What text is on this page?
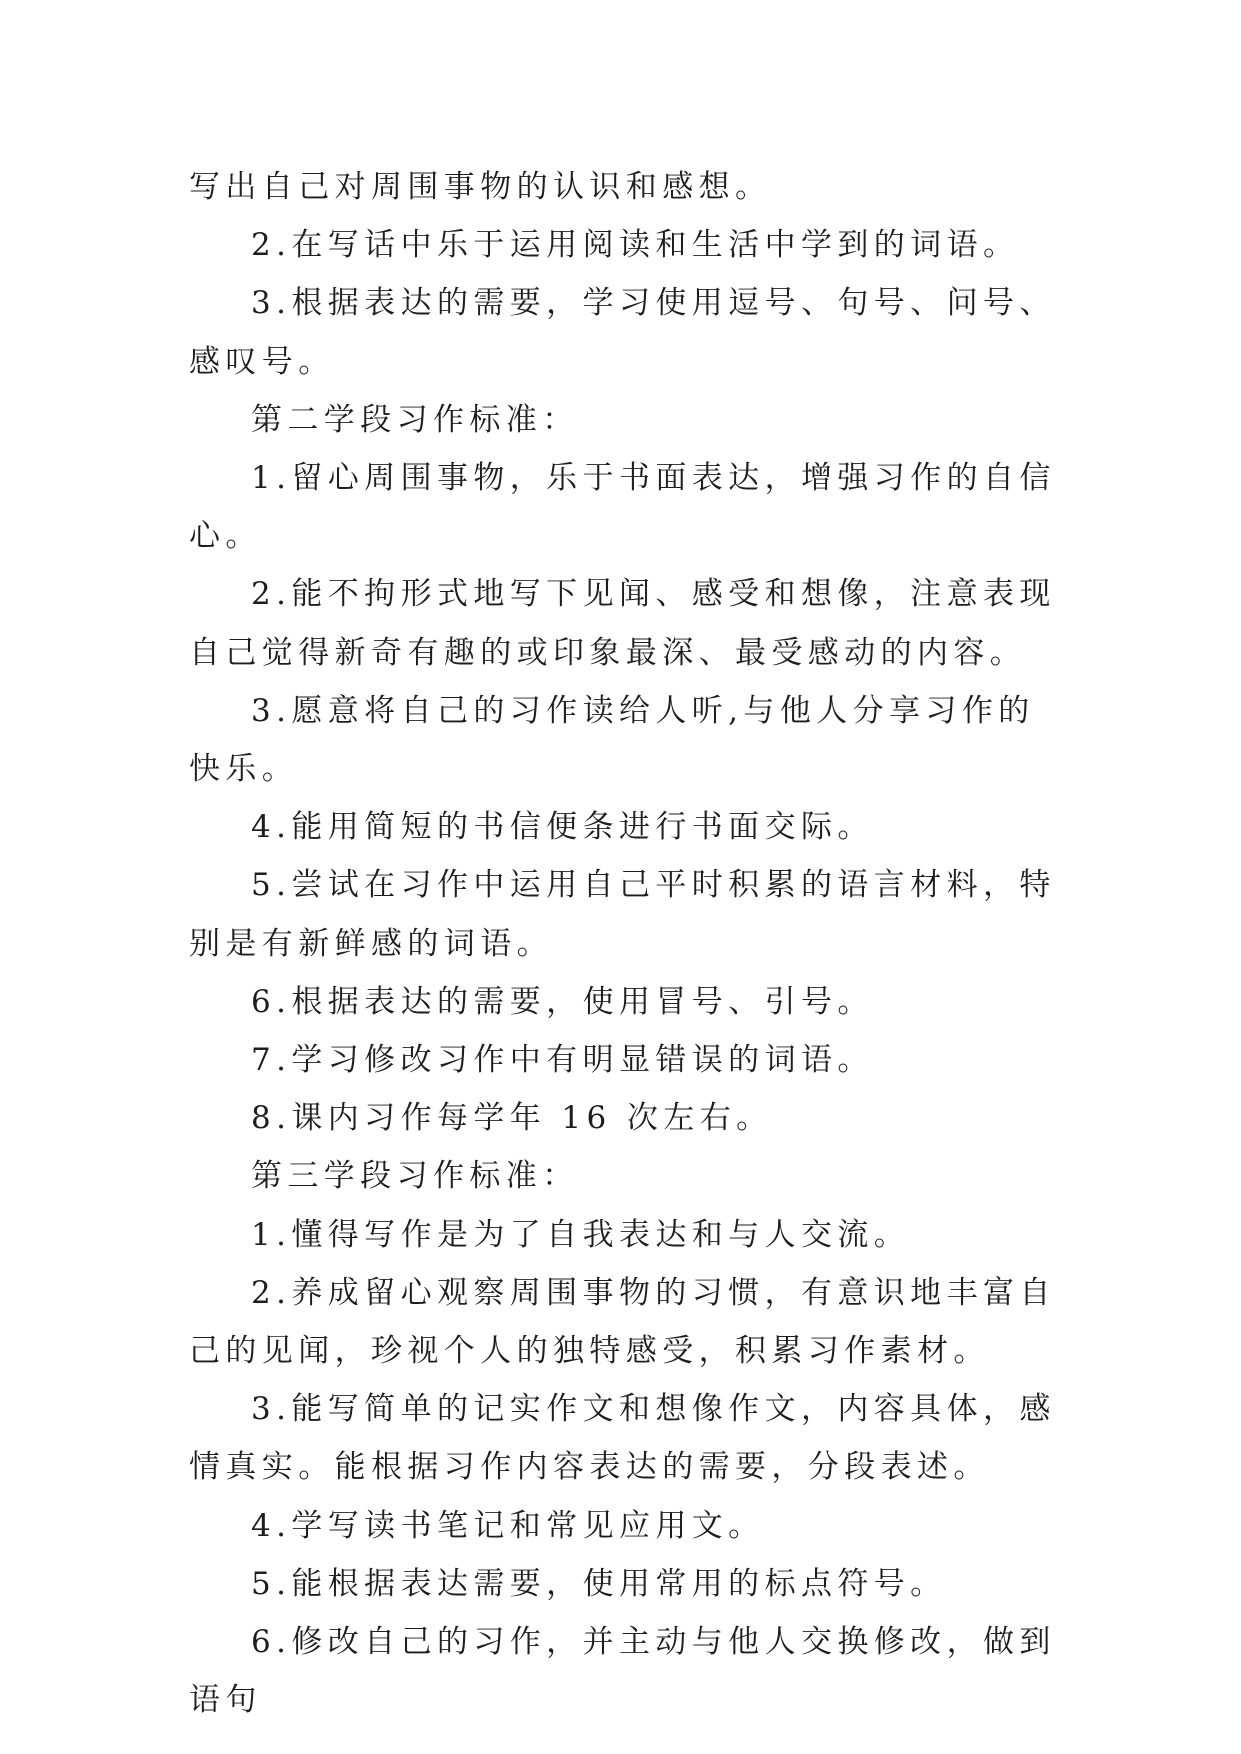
写出自己对周围事物的认识和感想。

2.在写话中乐于运用阅读和生活中学到的词语。

3.根据表达的需要，学习使用逗号、句号、问号、感叹号。

第二学段习作标准：

1.留心周围事物，乐于书面表达，增强习作的自信心。

2.能不拘形式地写下见闻、感受和想像，注意表现自己觉得新奇有趣的或印象最深、最受感动的内容。

3.愿意将自己的习作读给人听,与他人分享习作的快乐。

4.能用简短的书信便条进行书面交际。

5.尝试在习作中运用自己平时积累的语言材料，特别是有新鲜感的词语。

6.根据表达的需要，使用冒号、引号。

7.学习修改习作中有明显错误的词语。

8.课内习作每学年 16 次左右。

第三学段习作标准：

1.懂得写作是为了自我表达和与人交流。

2.养成留心观察周围事物的习惯，有意识地丰富自己的见闻，珍视个人的独特感受，积累习作素材。

3.能写简单的记实作文和想像作文，内容具体，感情真实。能根据习作内容表达的需要，分段表述。

4.学写读书笔记和常见应用文。

5.能根据表达需要，使用常用的标点符号。

6.修改自己的习作，并主动与他人交换修改，做到语句
